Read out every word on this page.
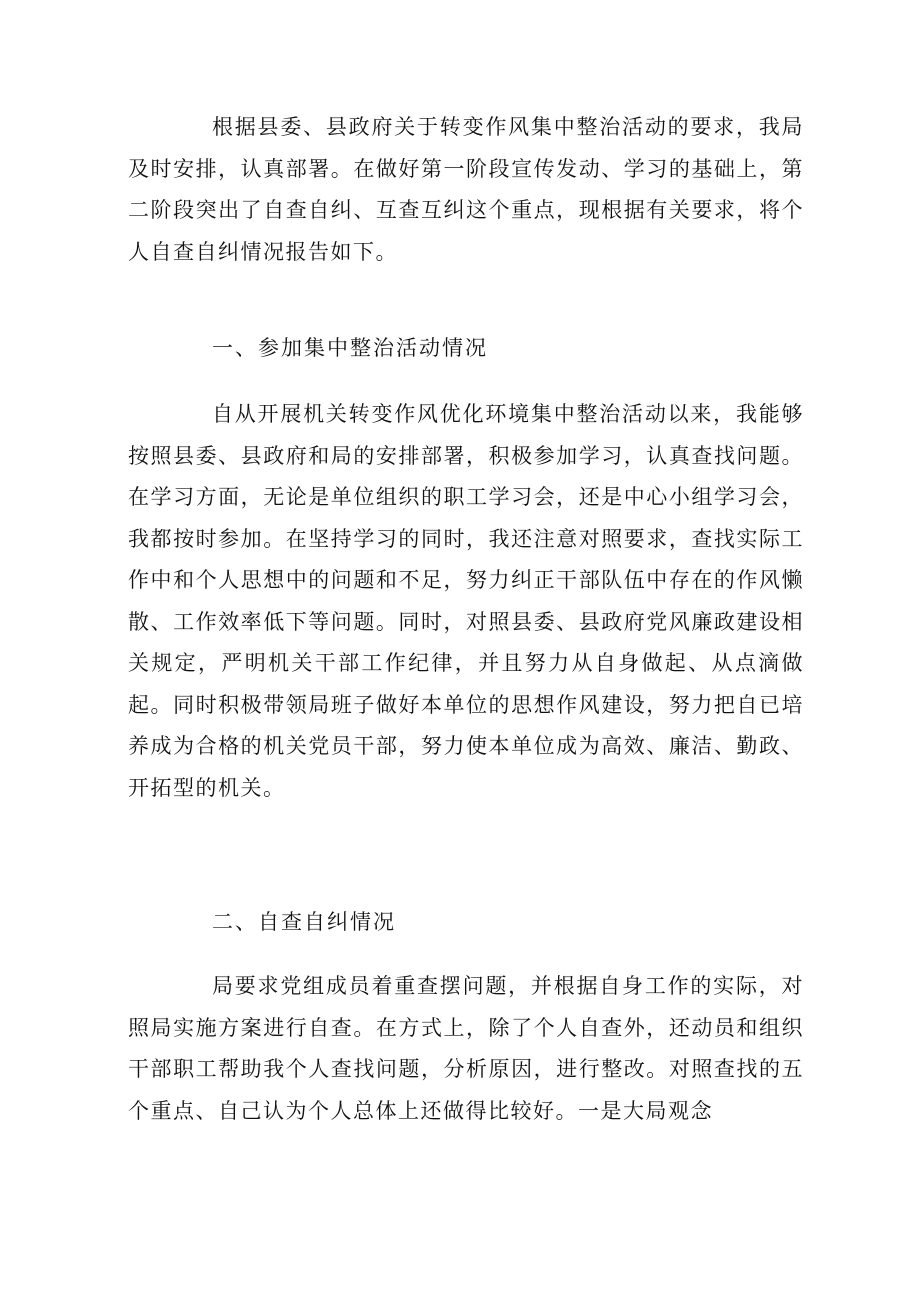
根据县委、县政府关于转变作风集中整治活动的要求，我局及时安排，认真部署。在做好第一阶段宣传发动、学习的基础上，第二阶段突出了自查自纠、互查互纠这个重点，现根据有关要求，将个人自查自纠情况报告如下。

一、参加集中整治活动情况

自从开展机关转变作风优化环境集中整治活动以来，我能够按照县委、县政府和局的安排部署，积极参加学习，认真查找问题。在学习方面，无论是单位组织的职工学习会，还是中心小组学习会，我都按时参加。在坚持学习的同时，我还注意对照要求，查找实际工作中和个人思想中的问题和不足，努力纠正干部队伍中存在的作风懒散、工作效率低下等问题。同时，对照县委、县政府党风廉政建设相关规定，严明机关干部工作纪律，并且努力从自身做起、从点滴做起。同时积极带领局班子做好本单位的思想作风建设，努力把自已培养成为合格的机关党员干部，努力使本单位成为高效、廉洁、勤政、开拓型的机关。

二、自查自纠情况

局要求党组成员着重查摆问题，并根据自身工作的实际，对照局实施方案进行自查。在方式上，除了个人自查外，还动员和组织干部职工帮助我个人查找问题，分析原因，进行整改。对照查找的五个重点、自己认为个人总体上还做得比较好。一是大局观念
